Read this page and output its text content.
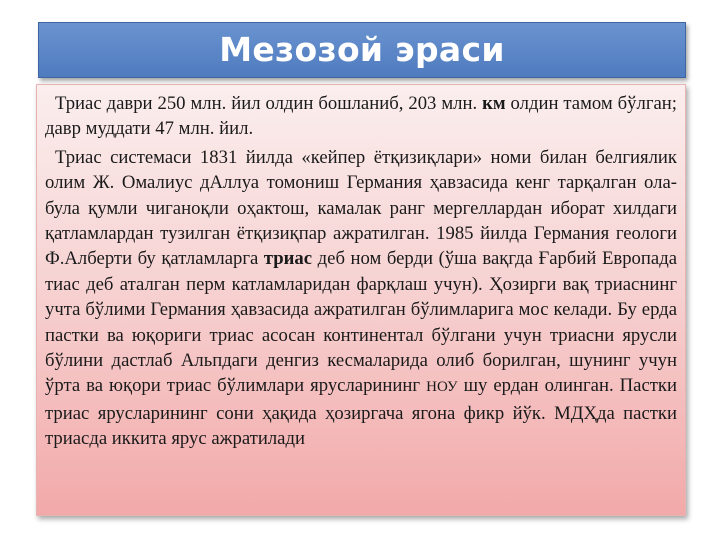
Мезозой эраси

Триас даври 250 млн. йил олдин бошланиб, 203 млн. км олдин тамом бўлган; давр муддати 47 млн. йил.

Триас системаси 1831 йилда «кейпер ётқизиқлари» номи билан белгиялик олим Ж. Омалиус дАллуа томониш Германия ҳавзасида кенг тарқалган ола-була қумли чиганоқли оҳактош, камалак ранг мергеллардан иборат хилдаги қатламлардан тузилган ётқизиқпар ажратилган. 1985 йилда Германия геологи Ф.Алберти бу қатламларга триас деб ном берди (ўша вақгда Ғарбий Европада тиас деб аталган перм катламларидан фарқлаш учун). Ҳозирги вақ триаснинг учта бўлими Германия ҳавзасида ажратилган бўлимларига мос келади. Бу ерда пастки ва юқориги триас асосан континентал бўлгани учун триасни ярусли бўлини дастлаб Альпдаги денгиз кесмаларида олиб борилган, шунинг учун ўрта ва юқори триас бўлимлари ярусларининг НОУ шу ердан олинган. Пастки триас ярусларининг сони ҳақида ҳозиргача ягона фикр йўк. МДҲда пастки триасда иккита ярус ажратилади
